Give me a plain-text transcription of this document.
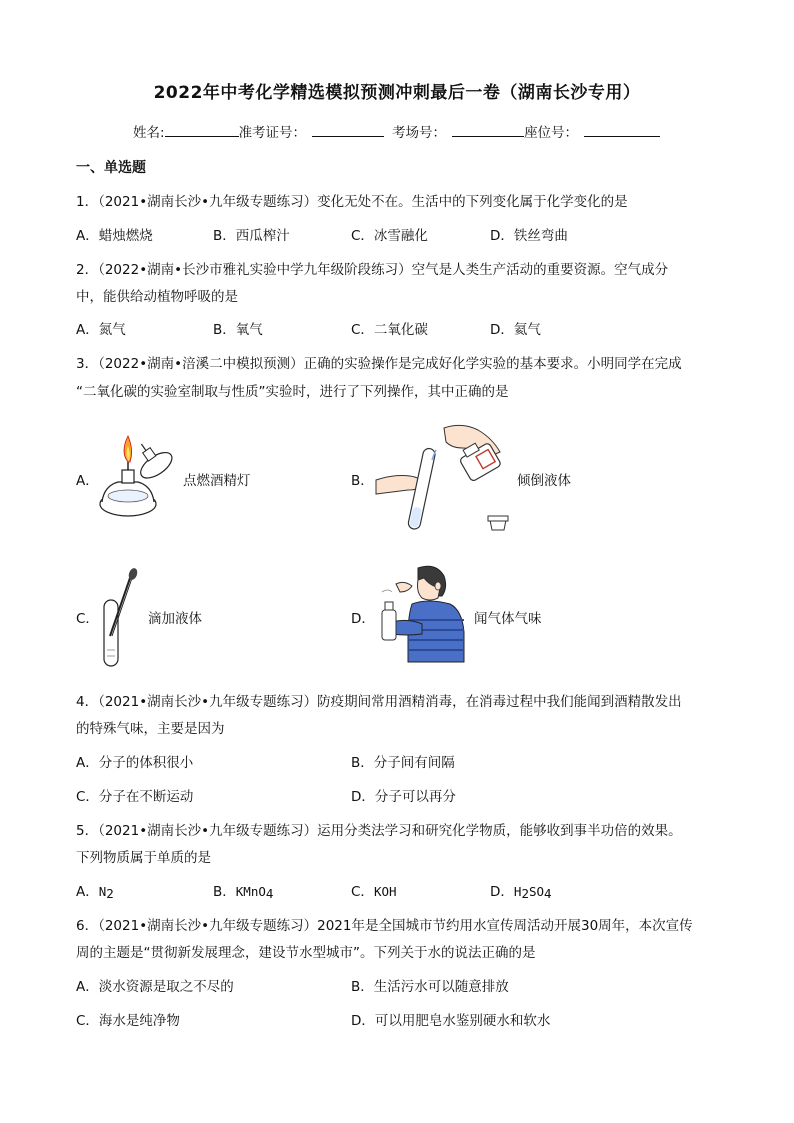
2022年中考化学精选模拟预测冲刺最后一卷（湖南长沙专用）
姓名:	准考证号：	考场号：	座位号：
一、单选题
1．（2021•湖南长沙•九年级专题练习）变化无处不在。生活中的下列变化属于化学变化的是
A．蜡烛燃烧	B．西瓜榨汁	C．冰雪融化	D．铁丝弯曲
2．（2022•湖南•长沙市雅礼实验中学九年级阶段练习）空气是人类生产活动的重要资源。空气成分
中，能供给动植物呼吸的是
A．氮气	B．氧气	C．二氧化碳	D．氦气
3．（2022•湖南•涪溪二中模拟预测）正确的实验操作是完成好化学实验的基本要求。小明同学在完成
“二氧化碳的实验室制取与性质”实验时，进行了下列操作，其中正确的是
A．	点燃酒精灯	B．	倾倒液体
C．	滴加液体	D．	闻气体气味
4．（2021•湖南长沙•九年级专题练习）防疫期间常用酒精消毒，在消毒过程中我们能闻到酒精散发出
的特殊气味，主要是因为
A．分子的体积很小	B．分子间有间隔
C．分子在不断运动	D．分子可以再分
5．（2021•湖南长沙•九年级专题练习）运用分类法学习和研究化学物质，能够收到事半功倍的效果。
下列物质属于单质的是
A．$N_2$	B．KMnO$_4$	C．KOH	D．$H_2SO_4$
6．（2021•湖南长沙•九年级专题练习）2021年是全国城市节约用水宣传周活动开展30周年，本次宣传
周的主题是“贯彻新发展理念，建设节水型城市”。下列关于水的说法正确的是
A．淡水资源是取之不尽的	B．生活污水可以随意排放
C．海水是纯净物	D．可以用肥皂水鉴别硬水和软水
